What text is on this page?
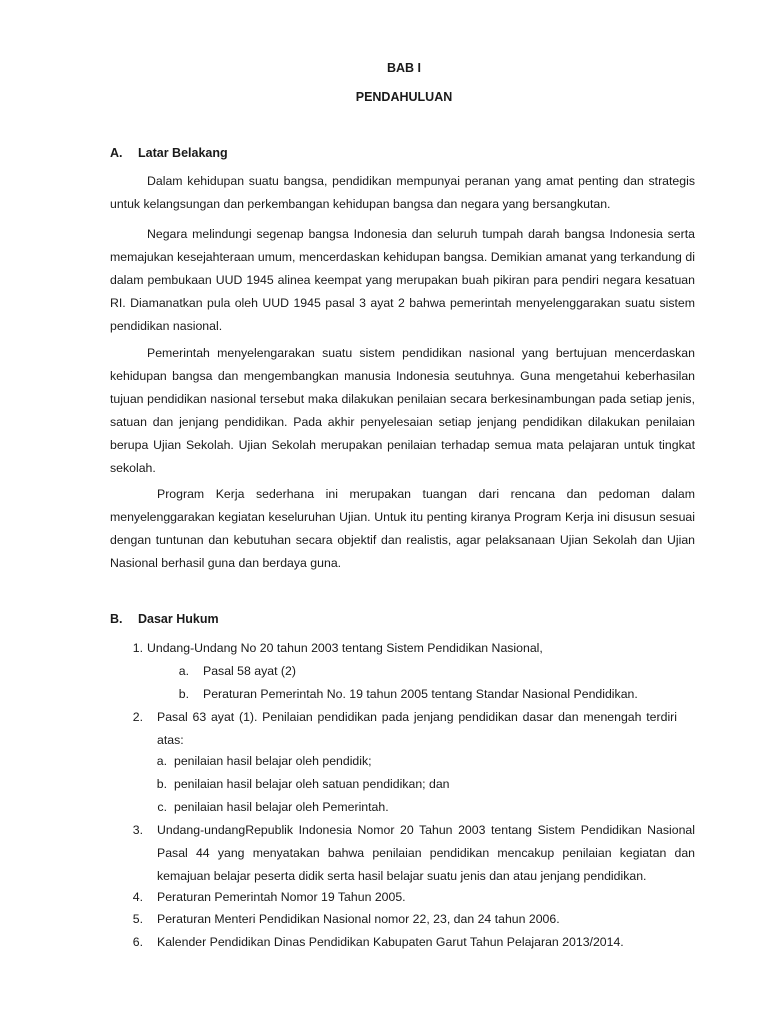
BAB I
PENDAHULUAN
A. Latar Belakang

Dalam kehidupan suatu bangsa, pendidikan mempunyai peranan yang amat penting dan strategis untuk kelangsungan dan perkembangan kehidupan bangsa dan negara yang bersangkutan.

Negara melindungi segenap bangsa Indonesia dan seluruh tumpah darah bangsa Indonesia serta memajukan kesejahteraan umum, mencerdaskan kehidupan bangsa. Demikian amanat yang terkandung di dalam pembukaan UUD 1945 alinea keempat yang merupakan buah pikiran para pendiri negara kesatuan RI. Diamanatkan pula oleh UUD 1945 pasal 3 ayat 2 bahwa pemerintah menyelenggarakan suatu sistem pendidikan nasional.

Pemerintah menyelengarakan suatu sistem pendidikan nasional yang bertujuan mencerdaskan kehidupan bangsa dan mengembangkan manusia Indonesia seutuhnya. Guna mengetahui keberhasilan tujuan pendidikan nasional tersebut maka dilakukan penilaian secara berkesinambungan pada setiap jenis, satuan dan jenjang pendidikan. Pada akhir penyelesaian setiap jenjang pendidikan dilakukan penilaian berupa Ujian Sekolah. Ujian Sekolah merupakan penilaian terhadap semua mata pelajaran untuk tingkat sekolah.

Program Kerja sederhana ini merupakan tuangan dari rencana dan pedoman dalam menyelenggarakan kegiatan keseluruhan Ujian. Untuk itu penting kiranya Program Kerja ini disusun sesuai dengan tuntunan dan kebutuhan secara objektif dan realistis, agar pelaksanaan Ujian Sekolah dan Ujian Nasional berhasil guna dan berdaya guna.

B. Dasar Hukum
1. Undang-Undang No 20 tahun 2003 tentang Sistem Pendidikan Nasional,
a. Pasal 58 ayat (2)
b. Peraturan Pemerintah No. 19 tahun 2005 tentang Standar Nasional Pendidikan.
2. Pasal 63 ayat (1). Penilaian pendidikan pada jenjang pendidikan dasar dan menengah terdiri atas:

a. penilaian hasil belajar oleh pendidik;
b. penilaian hasil belajar oleh satuan pendidikan; dan
c. penilaian hasil belajar oleh Pemerintah.
3. Undang-undangRepublik Indonesia Nomor 20 Tahun 2003 tentang Sistem Pendidikan Nasional Pasal 44 yang menyatakan bahwa penilaian pendidikan mencakup penilaian kegiatan dan kemajuan belajar peserta didik serta hasil belajar suatu jenis dan atau jenjang pendidikan.

4. Peraturan Pemerintah Nomor 19 Tahun 2005.
5. Peraturan Menteri Pendidikan Nasional nomor 22, 23, dan 24 tahun 2006.
6. Kalender Pendidikan Dinas Pendidikan Kabupaten Garut Tahun Pelajaran 2013/2014.
